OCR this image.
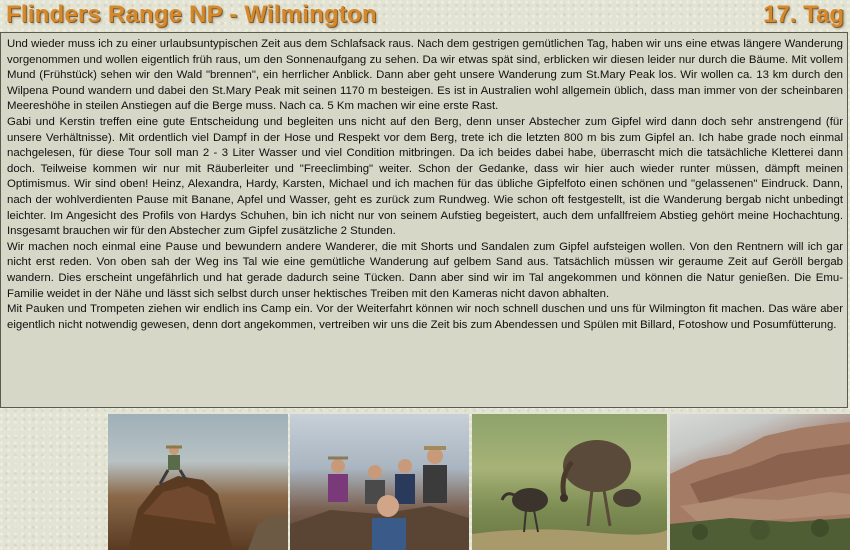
Flinders Range NP - Wilmington	17. Tag

Und wieder muss ich zu einer urlaubsuntypischen Zeit aus dem Schlafsack raus. Nach dem gestrigen gemütlichen Tag, haben wir uns eine etwas längere Wanderung vorgenommen und wollen eigentlich früh raus, um den Sonnenaufgang zu sehen. Da wir etwas spät sind, erblicken wir diesen leider nur durch die Bäume. Mit vollem Mund (Frühstück) sehen wir den Wald "brennen", ein herrlicher Anblick. Dann aber geht unsere Wanderung zum St.Mary Peak los. Wir wollen ca. 13 km durch den Wilpena Pound wandern und dabei den St.Mary Peak mit seinen 1170 m besteigen. Es ist in Australien wohl allgemein üblich, dass man immer von der scheinbaren Meereshöhe in steilen Anstiegen auf die Berge muss. Nach ca. 5 Km machen wir eine erste Rast.

Gabi und Kerstin treffen eine gute Entscheidung und begleiten uns nicht auf den Berg, denn unser Abstecher zum Gipfel wird dann doch sehr anstrengend (für unsere Verhältnisse). Mit ordentlich viel Dampf in der Hose und Respekt vor dem Berg, trete ich die letzten 800 m bis zum Gipfel an. Ich habe grade noch einmal nachgelesen, für diese Tour soll man 2 - 3 Liter Wasser und viel Condition mitbringen. Da ich beides dabei habe, überrascht mich die tatsächliche Kletterei dann doch. Teilweise kommen wir nur mit Räuberleiter und "Freeclimbing" weiter. Schon der Gedanke, dass wir hier auch wieder runter müssen, dämpft meinen Optimismus. Wir sind oben! Heinz, Alexandra, Hardy, Karsten, Michael und ich machen für das übliche Gipfelfoto einen schönen und "gelassenen" Eindruck. Dann, nach der wohlverdienten Pause mit Banane, Apfel und Wasser, geht es zurück zum Rundweg. Wie schon oft festgestellt, ist die Wanderung bergab nicht unbedingt leichter. Im Angesicht des Profils von Hardys Schuhen, bin ich nicht nur von seinem Aufstieg begeistert, auch dem unfallfreiem Abstieg gehört meine Hochachtung. Insgesamt brauchen wir für den Abstecher zum Gipfel zusätzliche 2 Stunden.

Wir machen noch einmal eine Pause und bewundern andere Wanderer, die mit Shorts und Sandalen zum Gipfel aufsteigen wollen. Von den Rentnern will ich gar nicht erst reden. Von oben sah der Weg ins Tal wie eine gemütliche Wanderung auf gelbem Sand aus. Tatsächlich müssen wir geraume Zeit auf Geröll bergab wandern. Dies erscheint ungefährlich und hat gerade dadurch seine Tücken. Dann aber sind wir im Tal angekommen und können die Natur genießen. Die Emu-Familie weidet in der Nähe und lässt sich selbst durch unser hektisches Treiben mit den Kameras nicht davon abhalten.

Mit Pauken und Trompeten ziehen wir endlich ins Camp ein. Vor der Weiterfahrt können wir noch schnell duschen und uns für Wilmington fit machen. Das wäre aber eigentlich nicht notwendig gewesen, denn dort angekommen, vertreiben wir uns die Zeit bis zum Abendessen und Spülen mit Billard, Fotoshow und Posumfütterung.
